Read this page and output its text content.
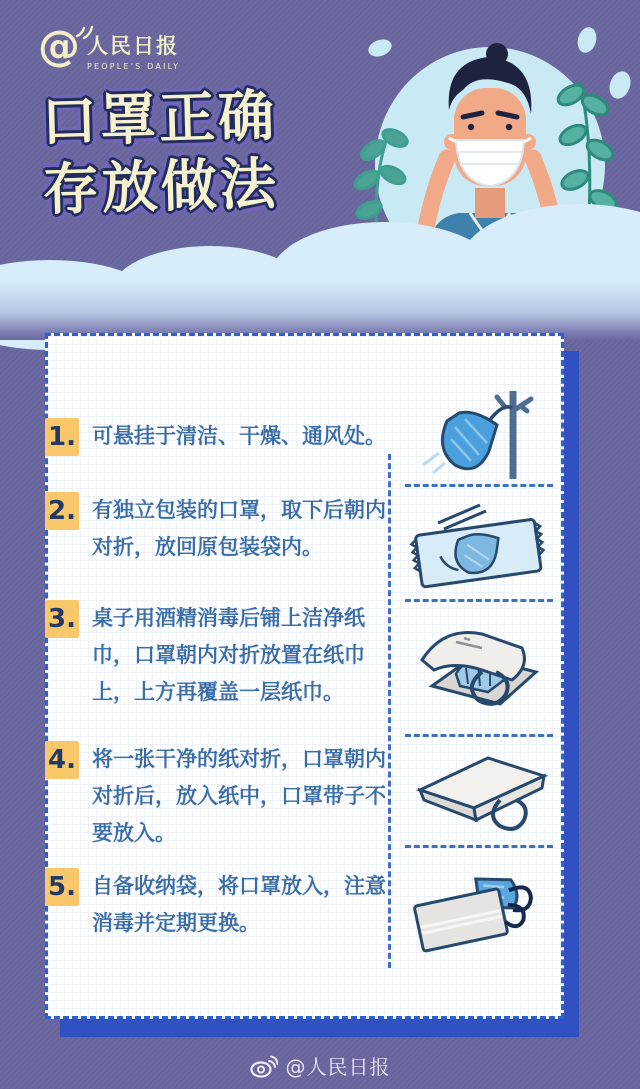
@ 人民日报
PEOPLE'S DAILY
口罩正确
存放做法
1. 可悬挂于清洁、干燥、通风处。
2. 有独立包装的口罩，取下后朝内对折，放回原包装袋内。
3. 桌子用酒精消毒后铺上洁净纸巾，口罩朝内对折放置在纸巾上，上方再覆盖一层纸巾。
4. 将一张干净的纸对折，口罩朝内对折后，放入纸中，口罩带子不要放入。
5. 自备收纳袋，将口罩放入，注意消毒并定期更换。
@人民日报
